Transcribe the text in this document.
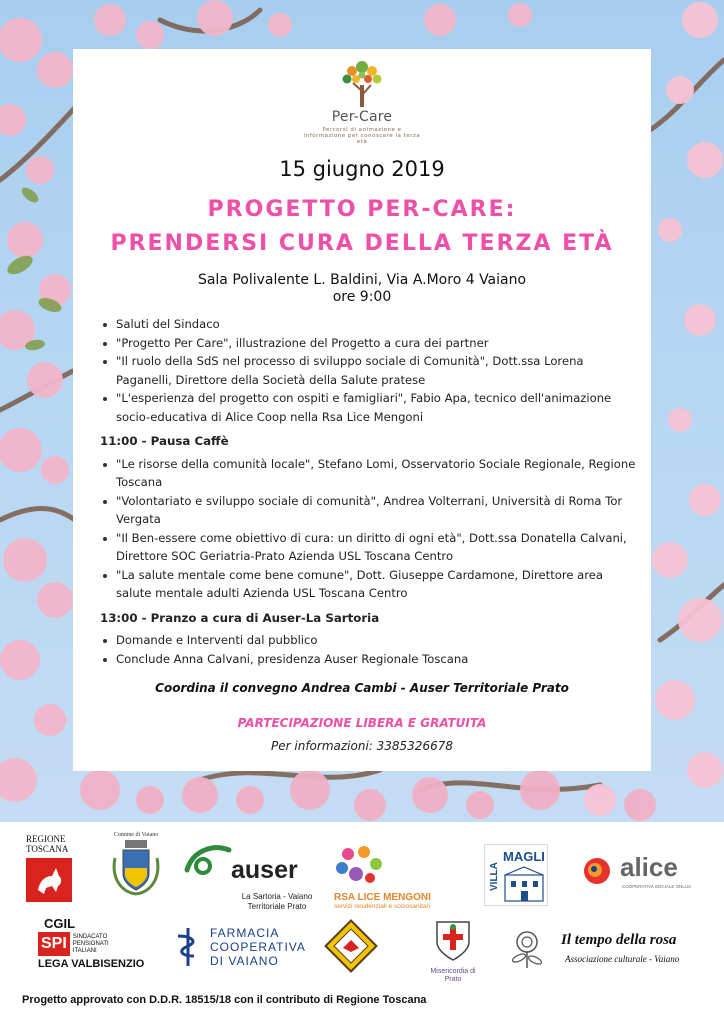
Per-Care
Percorsi di animazione e informazione per conoscere la terza età
15 giugno 2019
PROGETTO PER-CARE:
PRENDERSI CURA DELLA TERZA ETÀ
Sala Polivalente L. Baldini, Via A.Moro 4 Vaiano
ore 9:00
Saluti del Sindaco
"Progetto Per Care", illustrazione del Progetto a cura dei partner
"Il ruolo della SdS nel processo di sviluppo sociale di Comunità", Dott.ssa Lorena Paganelli, Direttore della Società della Salute pratese
"L'esperienza del progetto con ospiti e famigliari", Fabio Apa, tecnico dell'animazione socio-educativa di Alice Coop nella Rsa Lice Mengoni
11:00 - Pausa Caffè
"Le risorse della comunità locale", Stefano Lomi, Osservatorio Sociale Regionale, Regione Toscana
"Volontariato e sviluppo sociale di comunità", Andrea Volterrani, Università di Roma Tor Vergata
"Il Ben-essere come obiettivo di cura: un diritto di ogni età", Dott.ssa Donatella Calvani, Direttore SOC Geriatria-Prato Azienda USL Toscana Centro
"La salute mentale come bene comune", Dott. Giuseppe Cardamone, Direttore area salute mentale adulti Azienda USL Toscana Centro
13:00 - Pranzo a cura di Auser-La Sartoria
Domande e Interventi dal pubblico
Conclude Anna Calvani, presidenza Auser Regionale Toscana
Coordina il convegno Andrea Cambi - Auser Territoriale Prato
PARTECIPAZIONE LIBERA E GRATUITA
Per informazioni: 3385326678
REGIONE
TOSCANA
Comune di Vaiano
auser
La Sartoria - Vaiano
Territoriale Prato
RSA LICE MENGONI
servizi residenziali e sociosanitari
VILLA
MAGLI	alice
COOPERATIVA SOCIALE ONLUS
CGIL
SPI	SINDACATO
PENSIONATI
ITALIANI
LEGA VALBISENZIO
FARMACIA
COOPERATIVA
DI VAIANO
Misericordia di
Prato
Il tempo della rosa
Associazione culturale - Vaiano
Progetto approvato con D.D.R. 18515/18 con il contributo di Regione Toscana
